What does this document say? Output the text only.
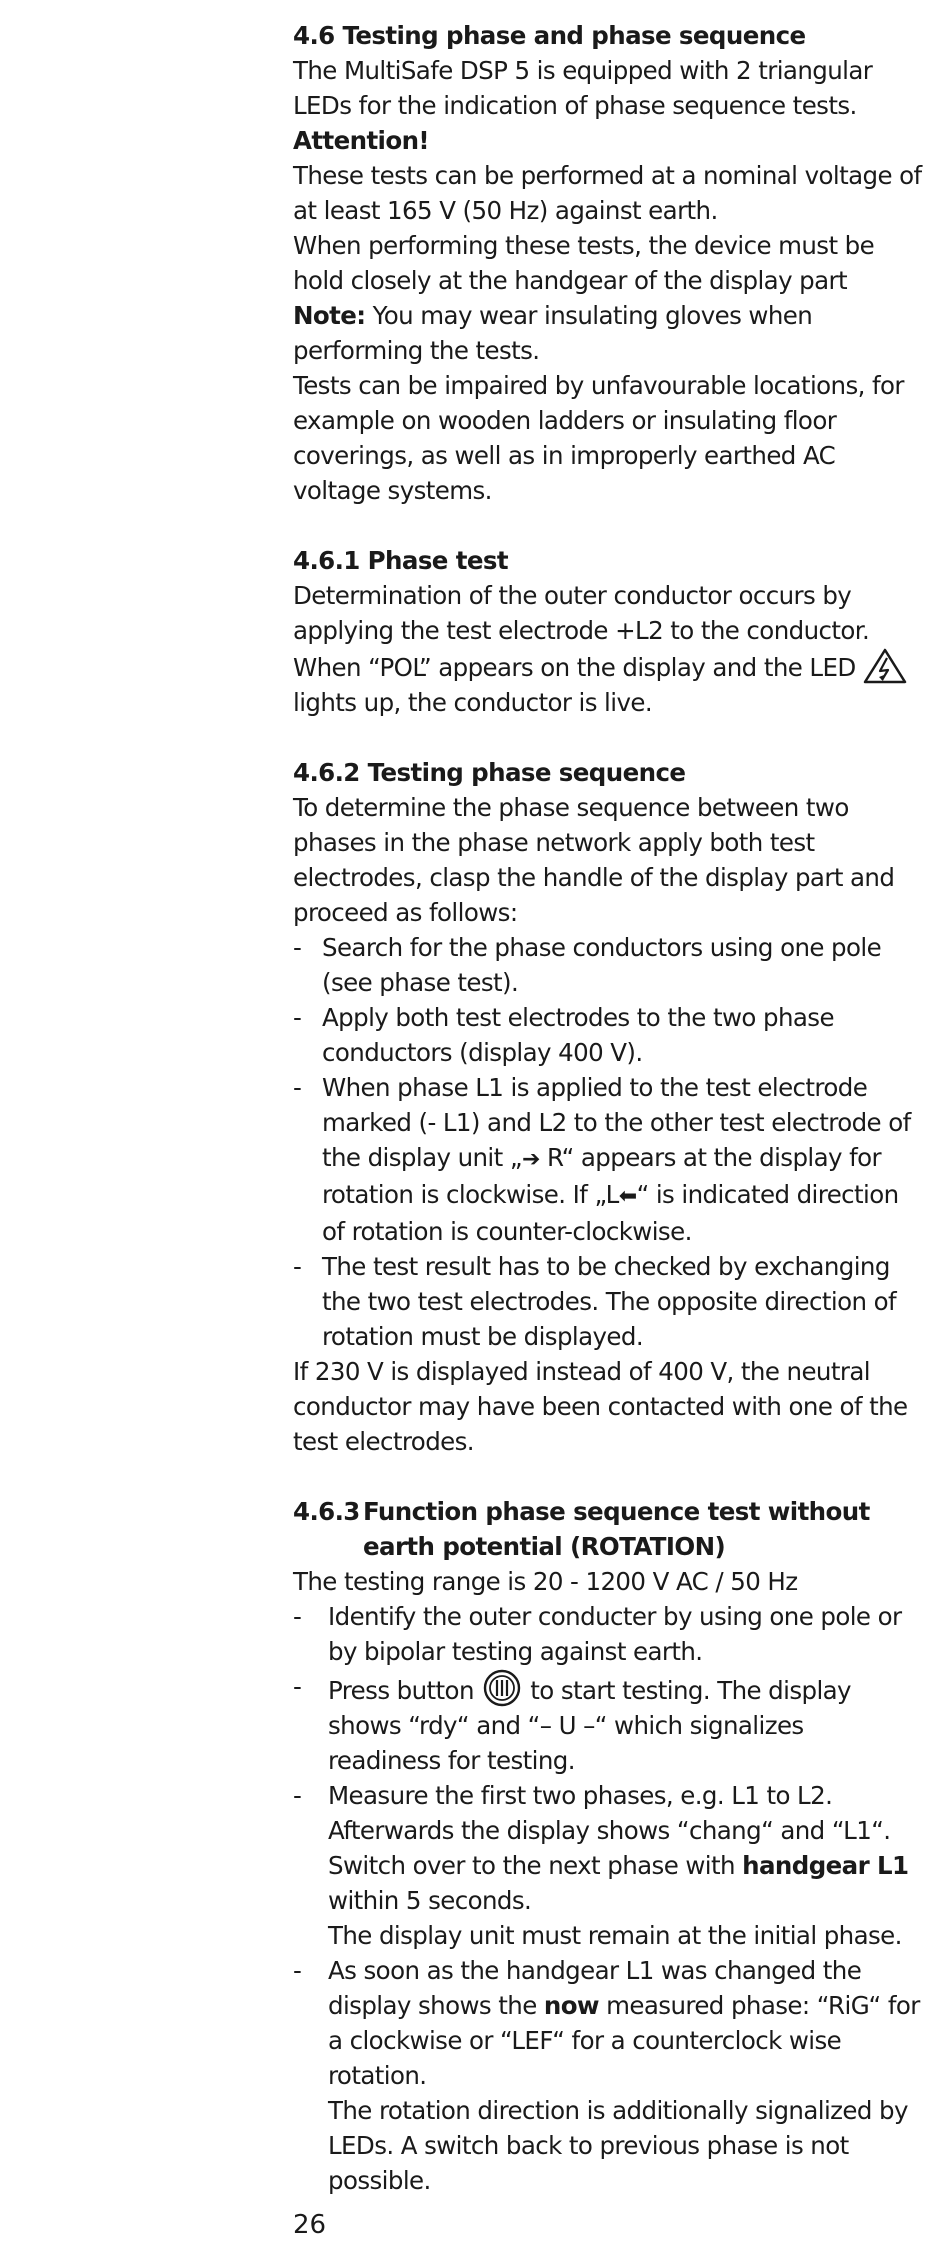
4.6 Testing phase and phase sequence

The MultiSafe DSP 5 is equipped with 2 triangular LEDs for the indication of phase sequence tests.

Attention!

These tests can be performed at a nominal voltage of at least 165 V (50 Hz) against earth.

When performing these tests, the device must be hold closely at the handgear of the display part

Note: You may wear insulating gloves when performing the tests.

Tests can be impaired by unfavourable locations, for example on wooden ladders or insulating floor coverings, as well as in improperly earthed AC voltage systems.

4.6.1 Phase test

Determination of the outer conductor occurs by applying the test electrode +L2 to the conductor. When “POL” appears on the display and the LED  lights up, the conductor is live.

4.6.2 Testing phase sequence

To determine the phase sequence between two phases in the phase network apply both test electrodes, clasp the handle of the display part and proceed as follows:

- Search for the phase conductors using one pole (see phase test).
- Apply both test electrodes to the two phase conductors (display 400 V).
- When phase L1 is applied to the test electrode marked (- L1) and L2 to the other test electrode of the display unit „➔ R“ appears at the display for rotation is clockwise. If „L⬅“ is indicated direction of rotation is counter-clockwise.
- The test result has to be checked by exchanging the two test electrodes. The opposite direction of rotation must be displayed.

If 230 V is displayed instead of 400 V, the neutral conductor may have been contacted with one of the test electrodes.

4.6.3 Function phase sequence test without
earth potential (ROTATION)

The testing range is 20 - 1200 V AC / 50 Hz

- Identify the outer conducter by using one pole or by bipolar testing against earth.
- Press button  to start testing. The display shows “rdy“ and “– U –“ which signalizes readiness for testing.
- Measure the first two phases, e.g. L1 to L2. Afterwards the display shows “chang“ and “L1“. Switch over to the next phase with handgear L1 within 5 seconds.
The display unit must remain at the initial phase.
- As soon as the handgear L1 was changed the display shows the now measured phase: “RiG“ for a clockwise or “LEF“ for a counterclock wise rotation.
The rotation direction is additionally signalized by LEDs. A switch back to previous phase is not possible.
26
